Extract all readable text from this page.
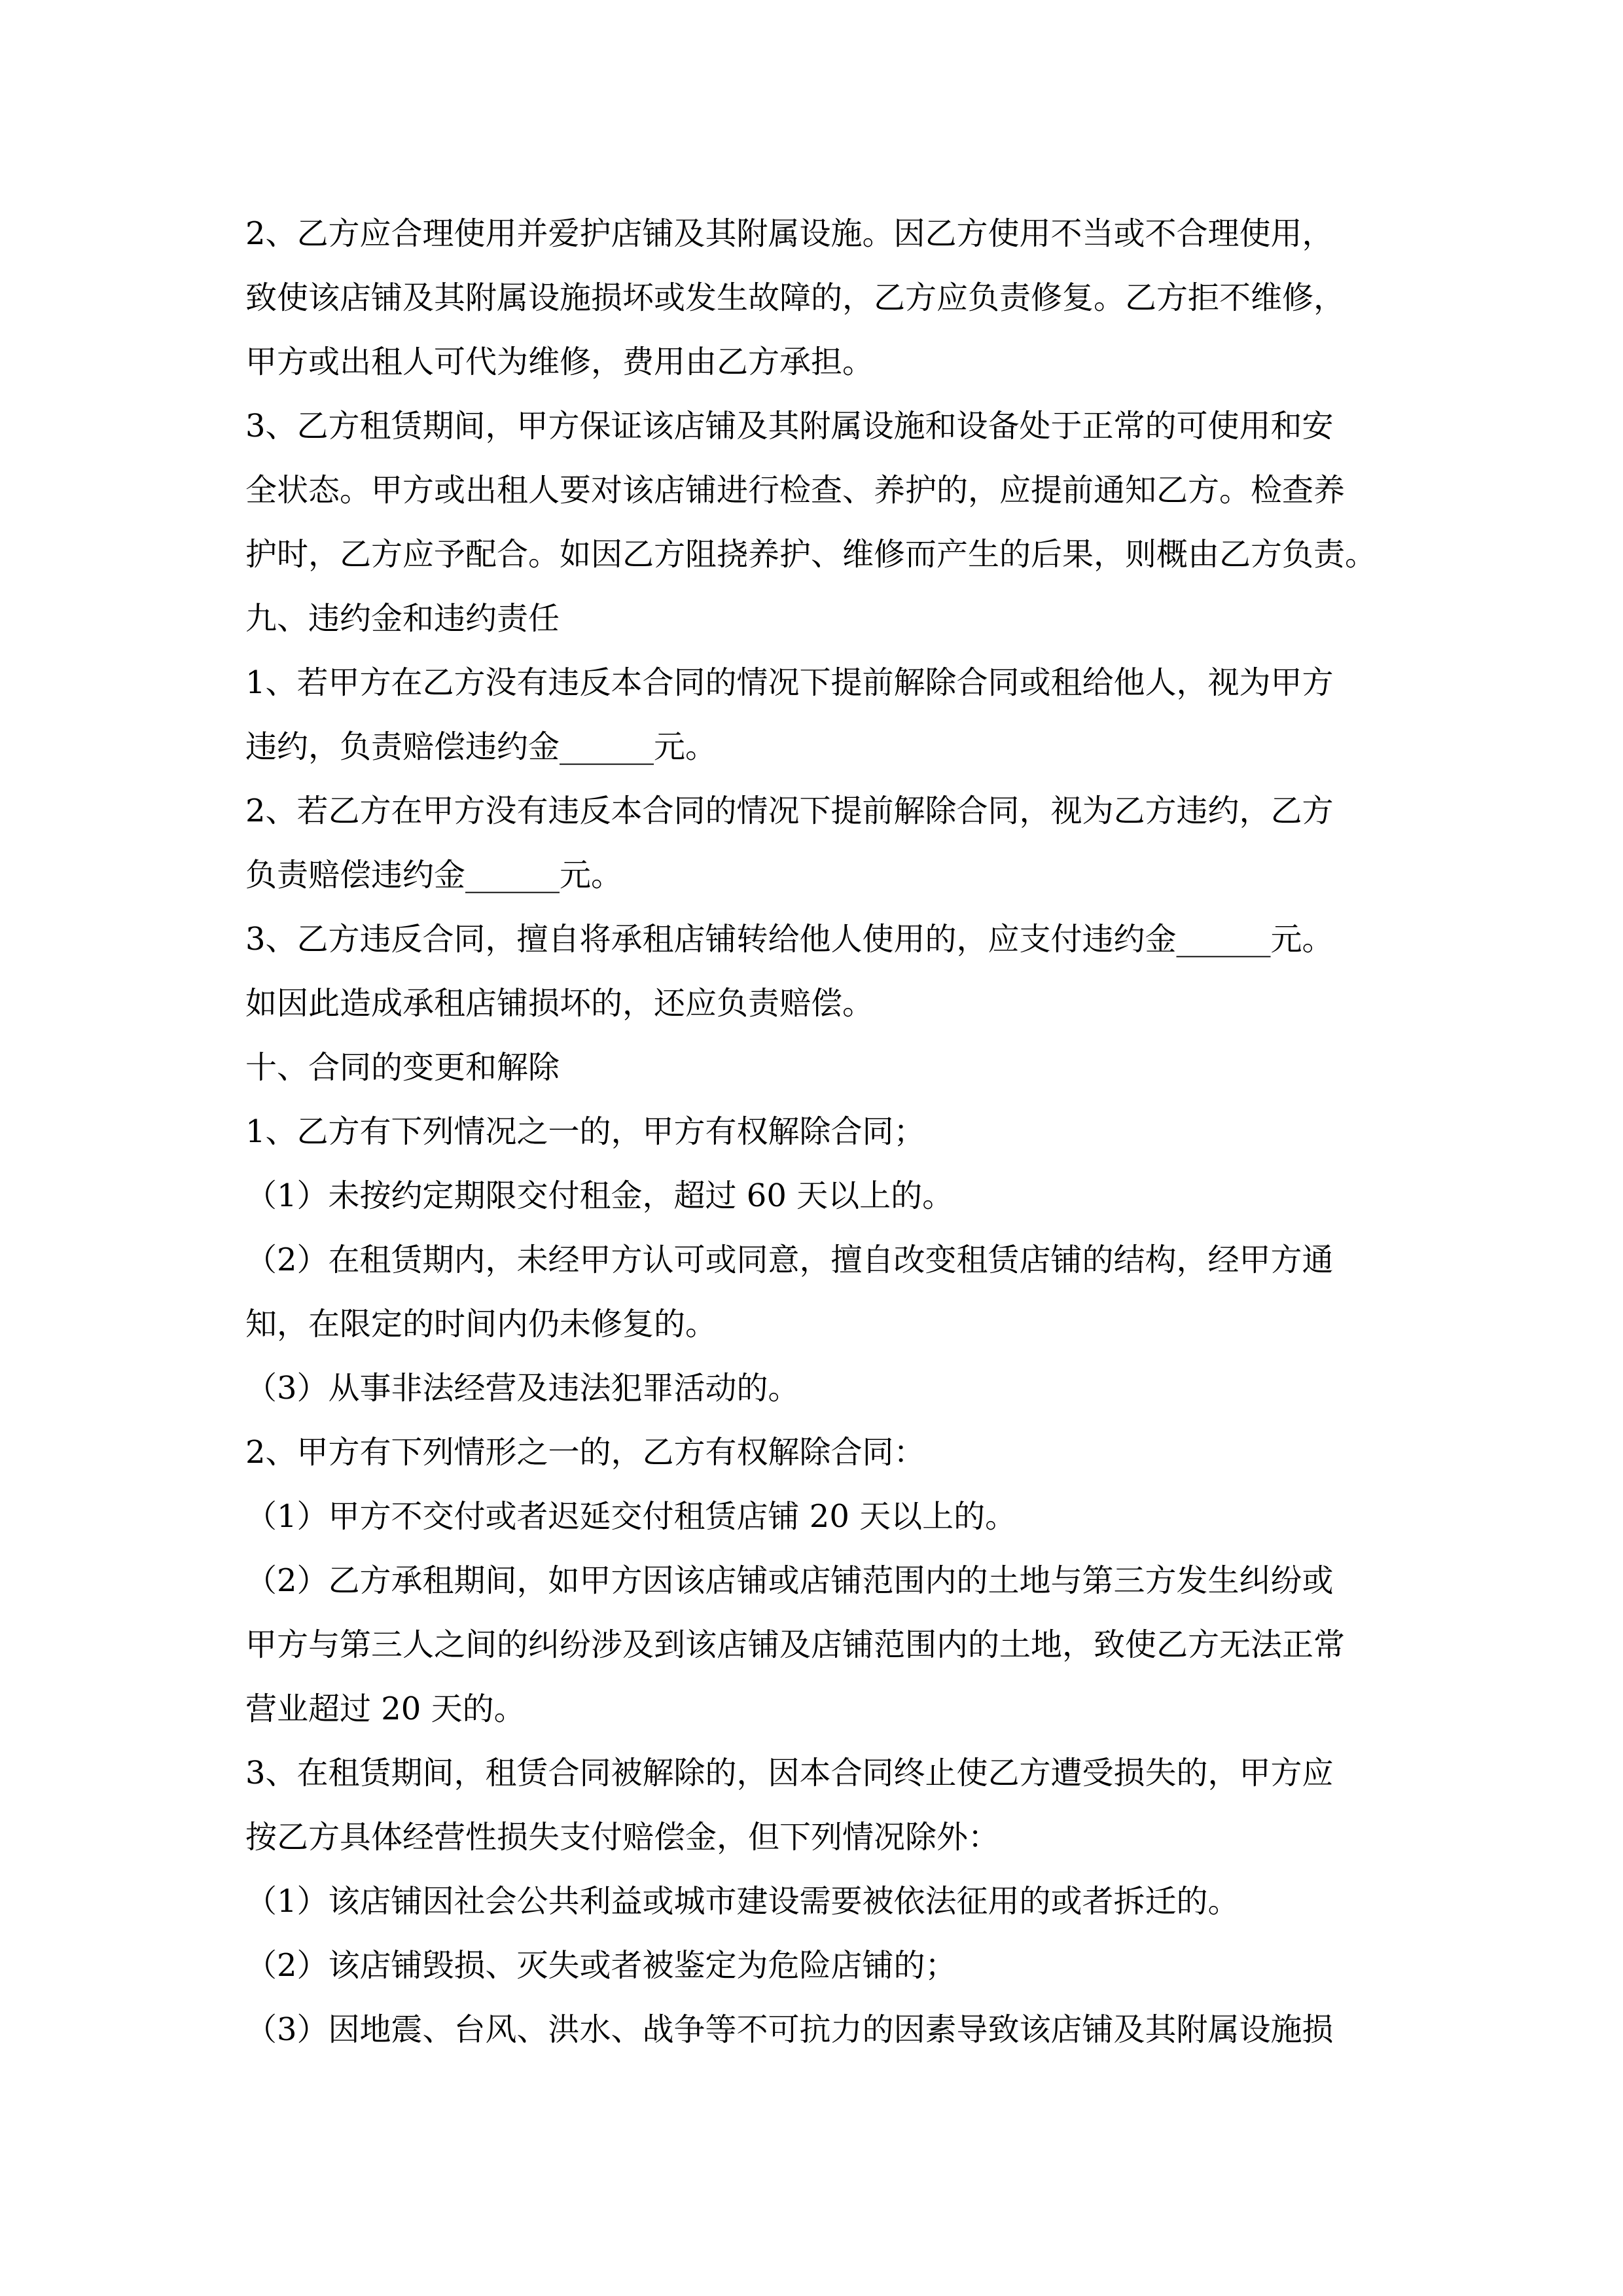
2、乙方应合理使用并爱护店铺及其附属设施。因乙方使用不当或不合理使用，

致使该店铺及其附属设施损坏或发生故障的，乙方应负责修复。乙方拒不维修，

甲方或出租人可代为维修，费用由乙方承担。

3、乙方租赁期间，甲方保证该店铺及其附属设施和设备处于正常的可使用和安

全状态。甲方或出租人要对该店铺进行检查、养护的，应提前通知乙方。检查养

护时，乙方应予配合。如因乙方阻挠养护、维修而产生的后果，则概由乙方负责。

九、违约金和违约责任

1、若甲方在乙方没有违反本合同的情况下提前解除合同或租给他人，视为甲方

违约，负责赔偿违约金______元。

2、若乙方在甲方没有违反本合同的情况下提前解除合同，视为乙方违约，乙方

负责赔偿违约金______元。

3、乙方违反合同，擅自将承租店铺转给他人使用的，应支付违约金______元。

如因此造成承租店铺损坏的，还应负责赔偿。

十、合同的变更和解除

1、乙方有下列情况之一的，甲方有权解除合同；

（1）未按约定期限交付租金，超过 60 天以上的。

（2）在租赁期内，未经甲方认可或同意，擅自改变租赁店铺的结构，经甲方通

知，在限定的时间内仍未修复的。

（3）从事非法经营及违法犯罪活动的。

2、甲方有下列情形之一的，乙方有权解除合同：

（1）甲方不交付或者迟延交付租赁店铺 20 天以上的。

（2）乙方承租期间，如甲方因该店铺或店铺范围内的土地与第三方发生纠纷或

甲方与第三人之间的纠纷涉及到该店铺及店铺范围内的土地，致使乙方无法正常

营业超过 20 天的。

3、在租赁期间，租赁合同被解除的，因本合同终止使乙方遭受损失的，甲方应

按乙方具体经营性损失支付赔偿金，但下列情况除外：

（1）该店铺因社会公共利益或城市建设需要被依法征用的或者拆迁的。

（2）该店铺毁损、灭失或者被鉴定为危险店铺的；

（3）因地震、台风、洪水、战争等不可抗力的因素导致该店铺及其附属设施损
